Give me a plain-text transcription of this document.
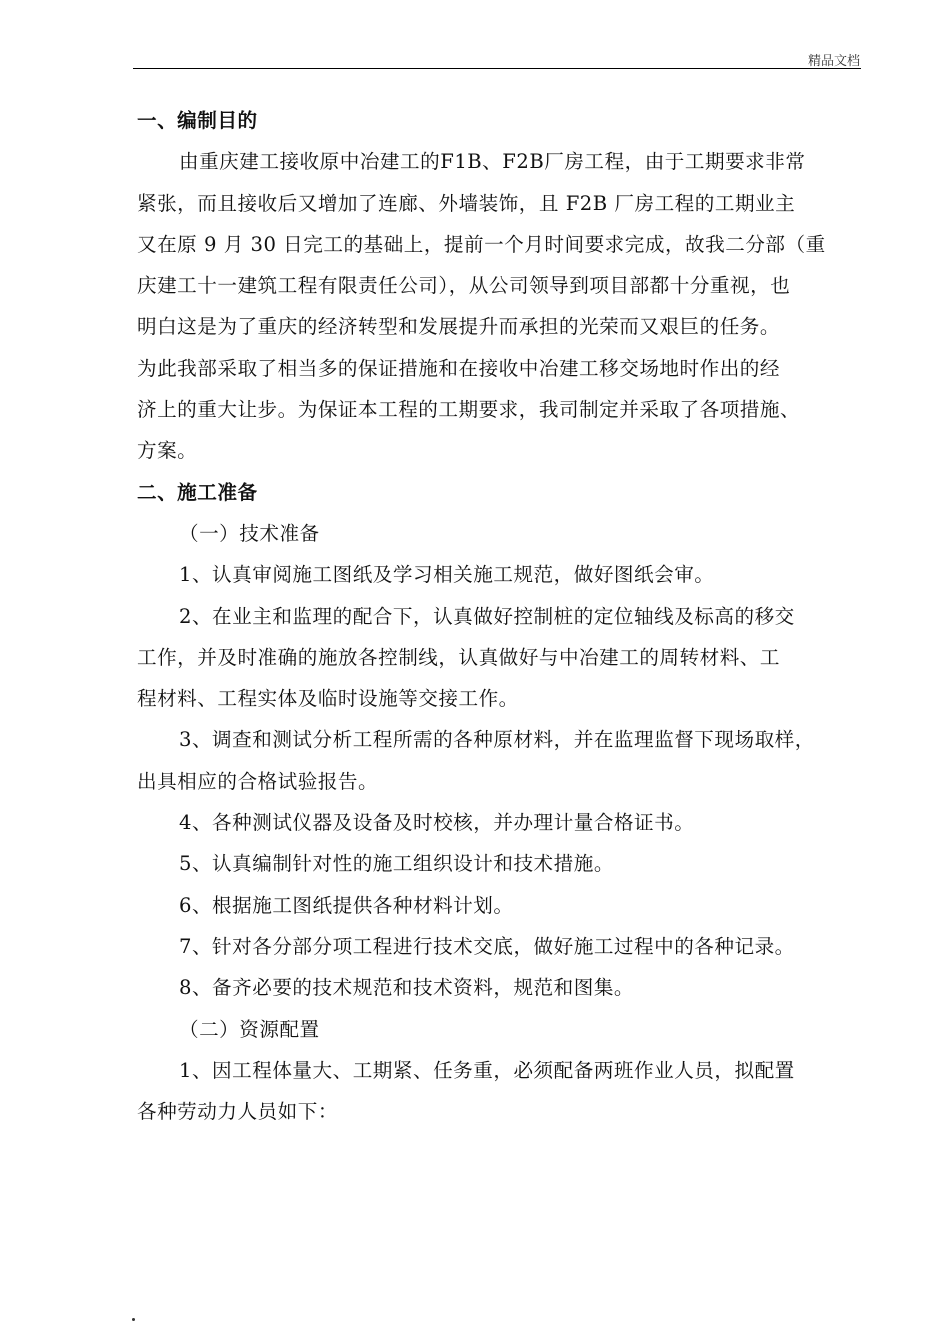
精品文档
一、编制目的
由重庆建工接收原中冶建工的F1B、F2B厂房工程，由于工期要求非常
紧张，而且接收后又增加了连廊、外墙装饰，且 F2B 厂房工程的工期业主
又在原 9 月 30 日完工的基础上，提前一个月时间要求完成，故我二分部（重
庆建工十一建筑工程有限责任公司），从公司领导到项目部都十分重视，也
明白这是为了重庆的经济转型和发展提升而承担的光荣而又艰巨的任务。
为此我部采取了相当多的保证措施和在接收中冶建工移交场地时作出的经
济上的重大让步。为保证本工程的工期要求，我司制定并采取了各项措施、
方案。
二、施工准备
（一）技术准备
1、认真审阅施工图纸及学习相关施工规范，做好图纸会审。
2、在业主和监理的配合下，认真做好控制桩的定位轴线及标高的移交
工作，并及时准确的施放各控制线，认真做好与中冶建工的周转材料、工
程材料、工程实体及临时设施等交接工作。
3、调查和测试分析工程所需的各种原材料，并在监理监督下现场取样，
出具相应的合格试验报告。
4、各种测试仪器及设备及时校核，并办理计量合格证书。
5、认真编制针对性的施工组织设计和技术措施。
6、根据施工图纸提供各种材料计划。
7、针对各分部分项工程进行技术交底，做好施工过程中的各种记录。
8、备齐必要的技术规范和技术资料，规范和图集。
（二）资源配置
1、因工程体量大、工期紧、任务重，必须配备两班作业人员，拟配置
各种劳动力人员如下：
